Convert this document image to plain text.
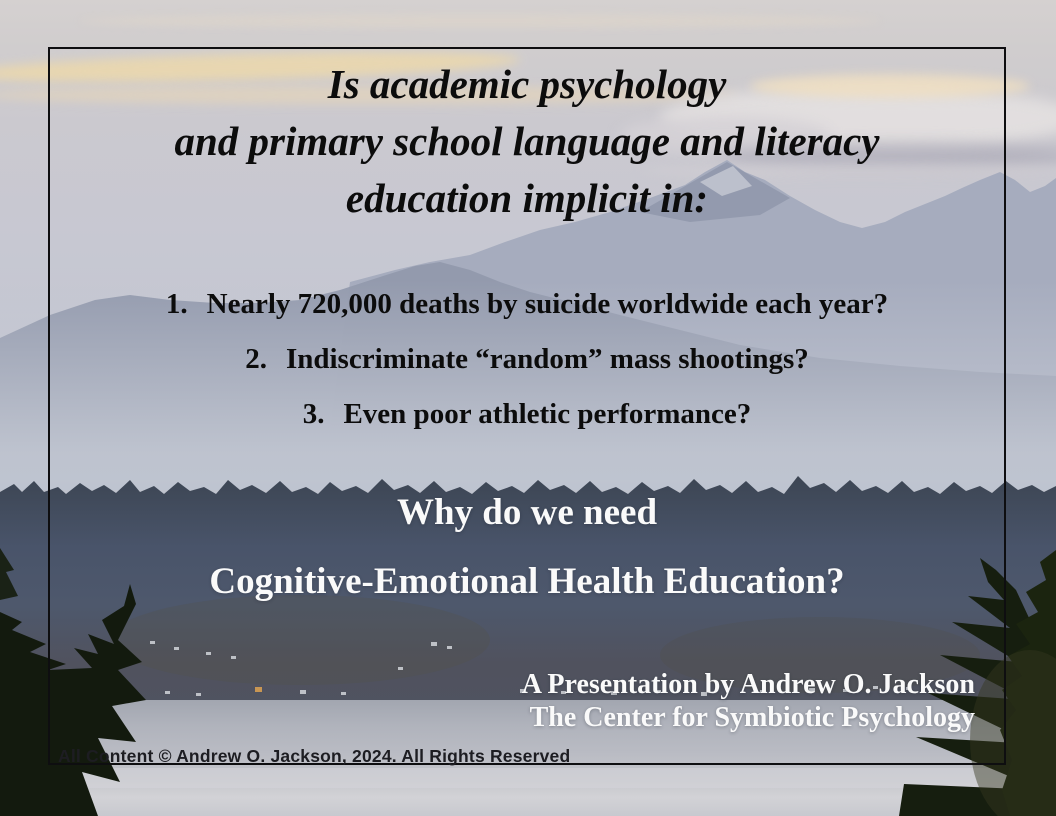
Is academic psychology
and primary school language and literacy
education implicit in:
1. Nearly 720,000 deaths by suicide worldwide each year?
2. Indiscriminate “random” mass shootings?
3. Even poor athletic performance?
Why do we need
Cognitive-Emotional Health Education?
A Presentation by Andrew O. Jackson
The Center for Symbiotic Psychology
All Content © Andrew O. Jackson, 2024. All Rights Reserved
